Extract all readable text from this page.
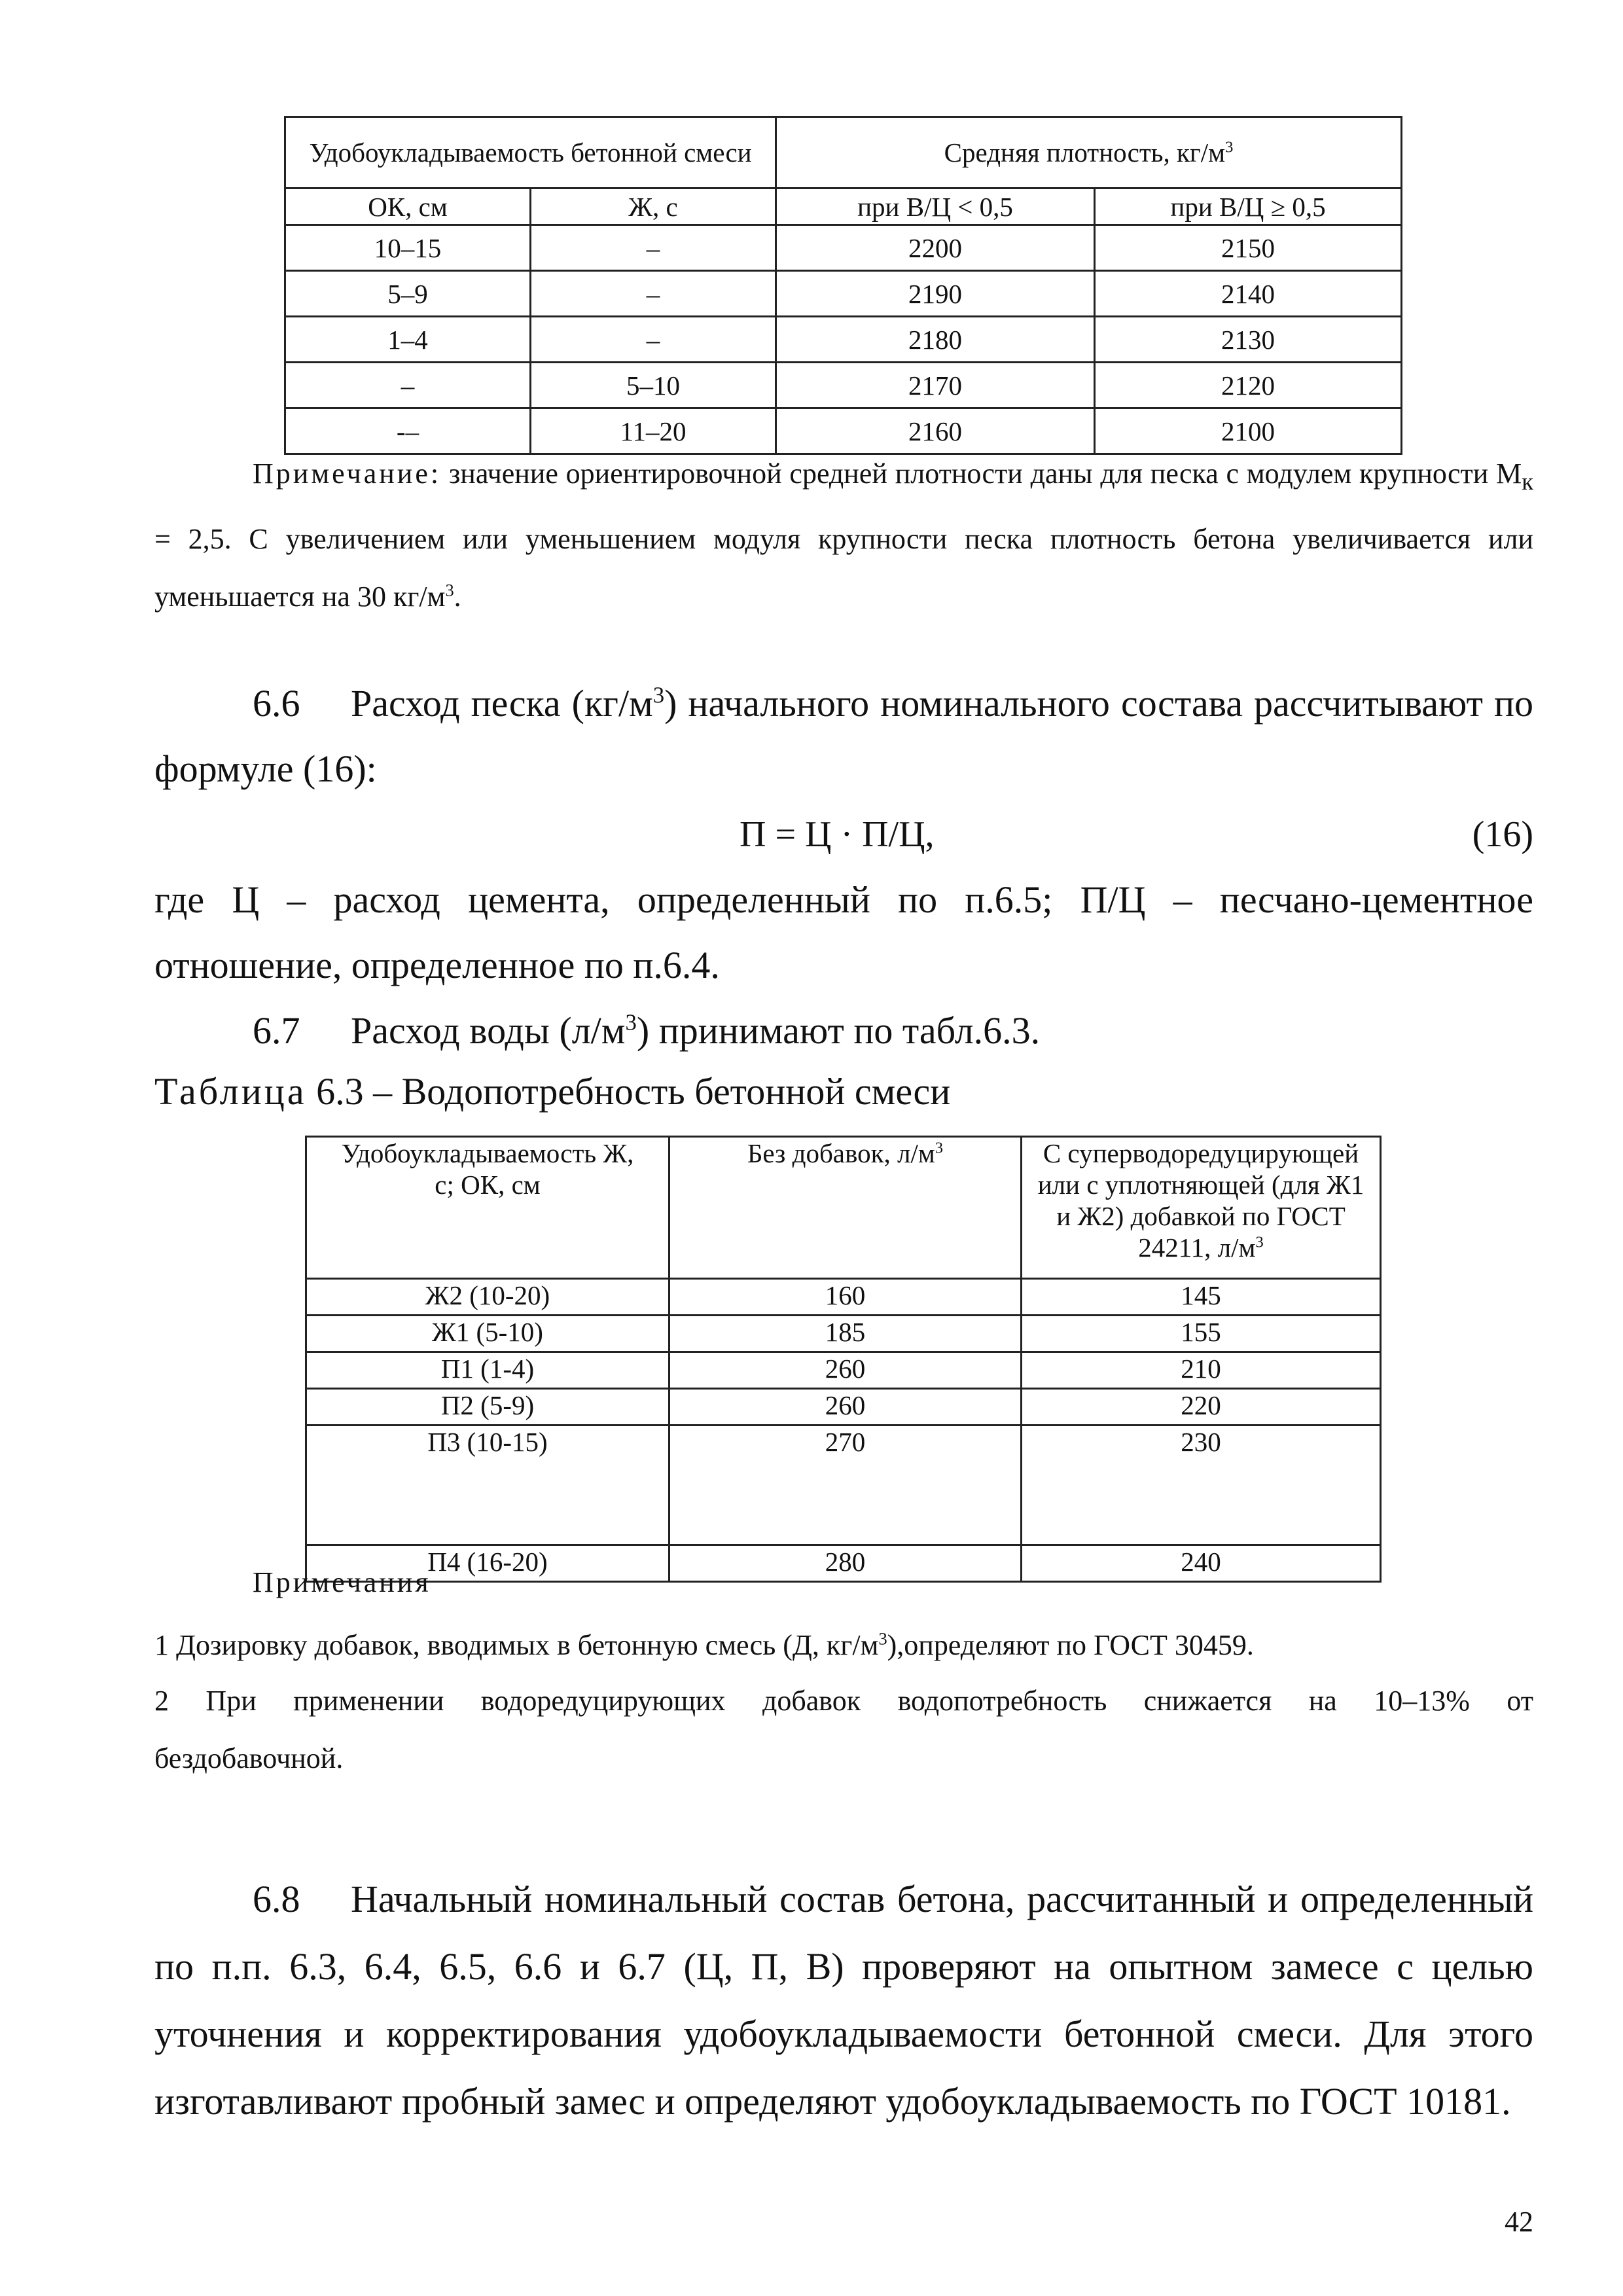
Удобоукладываемость бетонной смеси		Средняя плотность, $кг/м^3$
ОК, см	Ж, с	при В/Ц < 0,5	при В/Ц ≥ 0,5
10–15	–	2200	2150
5–9	–	2190	2140
1–4	–	2180	2130
–	5–10	2170	2120
-–	11–20	2160	2100
Примечание: значение ориентировочной средней плотности даны для песка с модулем крупности $М_к = 2,5$. С увеличением или уменьшением модуля крупности песка плотность бетона увеличивается или уменьшается на 30 $кг/м^3$.
6.6 Расход песка $(кг/м^3)$ начального номинального состава рассчитывают по формуле (16):
П = Ц · П/Ц,	(16)
где Ц – расход цемента, определенный по п.6.5; П/Ц – песчано-цементное отношение, определенное по п.6.4.
6.7 Расход воды $(л/м^3)$ принимают по табл.6.3.
Таблица 6.3 – Водопотребность бетонной смеси
Удобоукладываемость Ж, с; ОК, см	Без добавок, $л/м^3$	С суперводоредуцирующей или с уплотняющей (для Ж1 и Ж2) добавкой по ГОСТ 24211, $л/м^3$
Ж2 (10-20)	160	145
Ж1 (5-10)	185	155
П1 (1-4)	260	210
П2 (5-9)	260	220
П3 (10-15)	270	230
П4 (16-20)	280	240
Примечания
1 Дозировку добавок, вводимых в бетонную смесь (Д, $кг/м^3),определяют$ по ГОСТ 30459.
2 При применении водоредуцирующих добавок водопотребность снижается на 10–13% от бездобавочной.
6.8 Начальный номинальный состав бетона, рассчитанный и определенный по п.п. 6.3, 6.4, 6.5, 6.6 и 6.7 (Ц, П, В) проверяют на опытном замесе с целью уточнения и корректирования удобоукладываемости бетонной смеси. Для этого изготавливают пробный замес и определяют удобоукладываемость по ГОСТ 10181.
42
